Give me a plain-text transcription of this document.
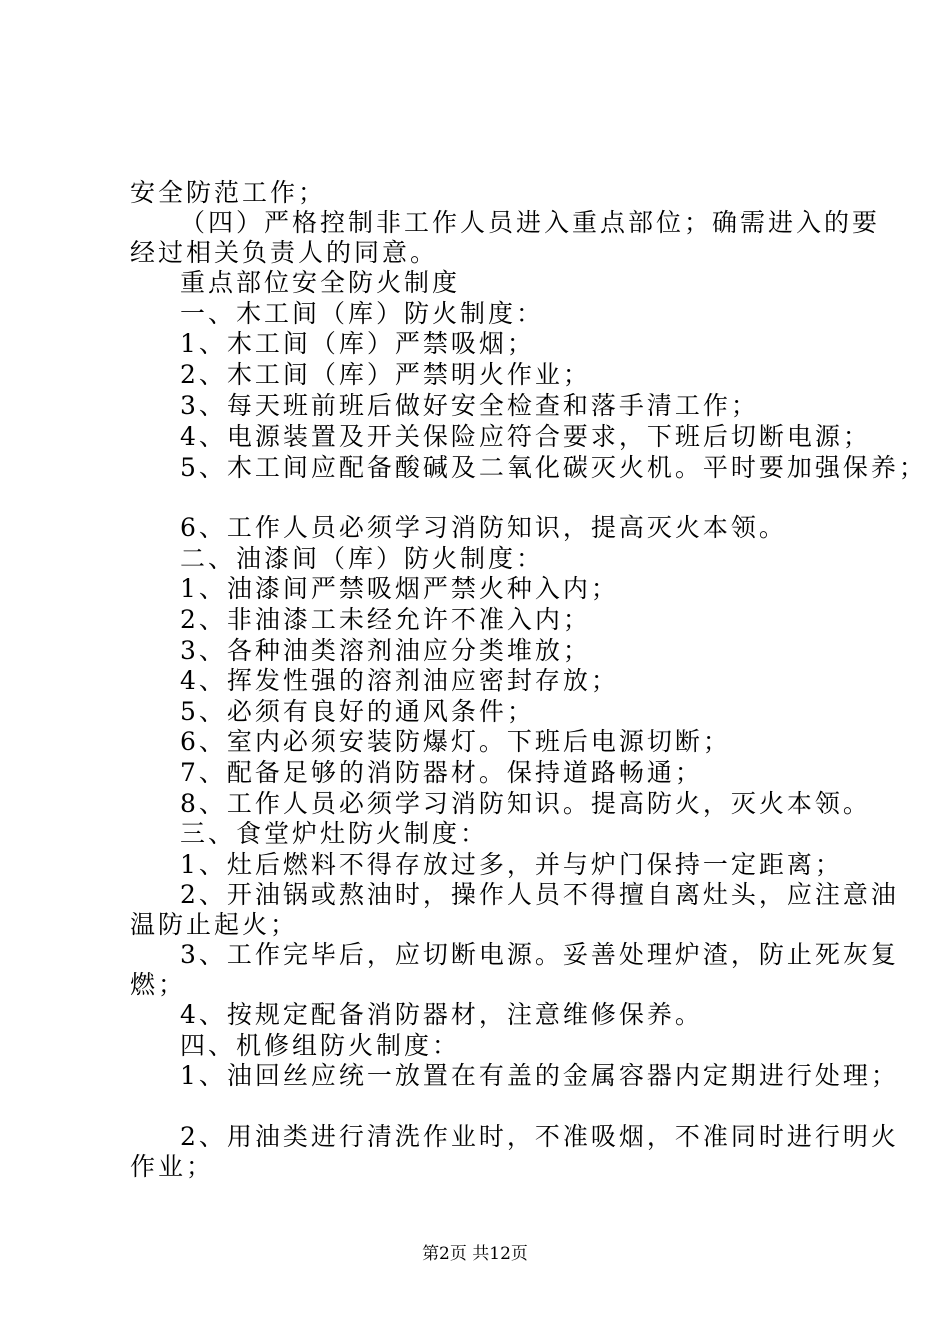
安全防范工作；
（四）严格控制非工作人员进入重点部位；确需进入的要
经过相关负责人的同意。
重点部位安全防火制度
一、木工间（库）防火制度：
1、木工间（库）严禁吸烟；
2、木工间（库）严禁明火作业；
3、每天班前班后做好安全检查和落手清工作；
4、电源装置及开关保险应符合要求，下班后切断电源；
5、木工间应配备酸碱及二氧化碳灭火机。平时要加强保养；
6、工作人员必须学习消防知识，提高灭火本领。
二、油漆间（库）防火制度：
1、油漆间严禁吸烟严禁火种入内；
2、非油漆工未经允许不准入内；
3、各种油类溶剂油应分类堆放；
4、挥发性强的溶剂油应密封存放；
5、必须有良好的通风条件；
6、室内必须安装防爆灯。下班后电源切断；
7、配备足够的消防器材。保持道路畅通；
8、工作人员必须学习消防知识。提高防火，灭火本领。
三、食堂炉灶防火制度：
1、灶后燃料不得存放过多，并与炉门保持一定距离；
2、开油锅或熬油时，操作人员不得擅自离灶头，应注意油
温防止起火；
3、工作完毕后，应切断电源。妥善处理炉渣，防止死灰复
燃；
4、按规定配备消防器材，注意维修保养。
四、机修组防火制度：
1、油回丝应统一放置在有盖的金属容器内定期进行处理；
2、用油类进行清洗作业时，不准吸烟，不准同时进行明火
作业；
第2页 共12页
